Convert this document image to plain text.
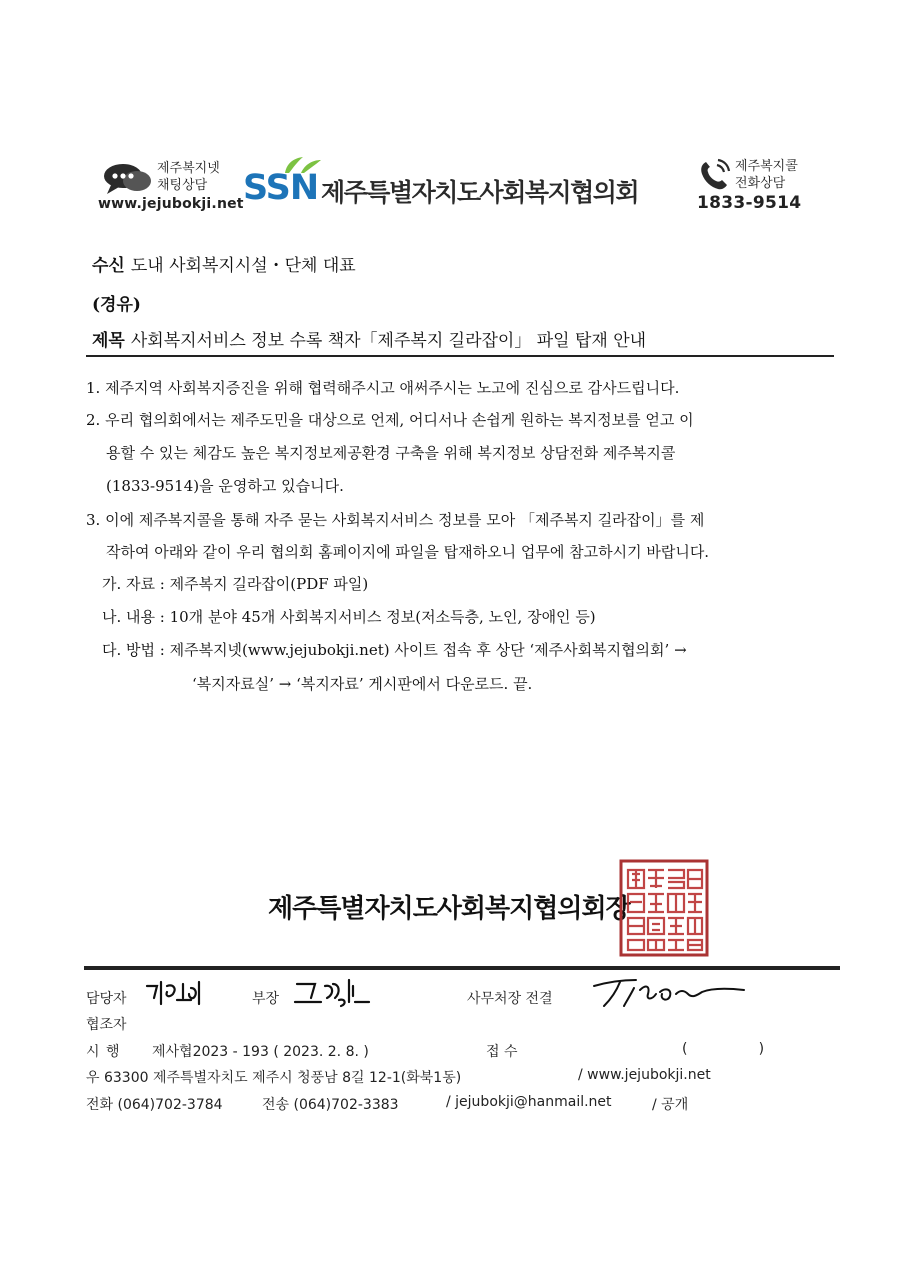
제주복지넷
채팅상담
www.jejubokji.net SSN 제주특별자치도사회복지협의회
제주복지콜
전화상담
1833-9514
수신 도내 사회복지시설・단체 대표
(경유)
제목 사회복지서비스 정보 수록 책자「제주복지 길라잡이」 파일 탑재 안내
1. 제주지역 사회복지증진을 위해 협력해주시고 애써주시는 노고에 진심으로 감사드립니다.
2. 우리 협의회에서는 제주도민을 대상으로 언제, 어디서나 손쉽게 원하는 복지정보를 얻고 이
용할 수 있는 체감도 높은 복지정보제공환경 구축을 위해 복지정보 상담전화 제주복지콜
(1833-9514)을 운영하고 있습니다.
3. 이에 제주복지콜을 통해 자주 묻는 사회복지서비스 정보를 모아 「제주복지 길라잡이」를 제
작하여 아래와 같이 우리 협의회 홈페이지에 파일을 탑재하오니 업무에 참고하시기 바랍니다.
가. 자료 : 제주복지 길라잡이(PDF 파일)
나. 내용 : 10개 분야 45개 사회복지서비스 정보(저소득층, 노인, 장애인 등)
다. 방법 : 제주복지넷(www.jejubokji.net) 사이트 접속 후 상단 ‘제주사회복지협의회’ →
‘복지자료실’ → ‘복지자료’ 게시판에서 다운로드. 끝.
제주특별자치도사회복지협의회장
담당자	부장	사무처장 전결
협조자
시 행 제사협2023 - 193 ( 2023. 2. 8. )	접 수	(                )
우 63300 제주특별자치도 제주시 청풍남 8길 12-1(화북1동)	/ www.jejubokji.net
전화 (064)702-3784	전송 (064)702-3383	/ jejubokji@hanmail.net	/ 공개
